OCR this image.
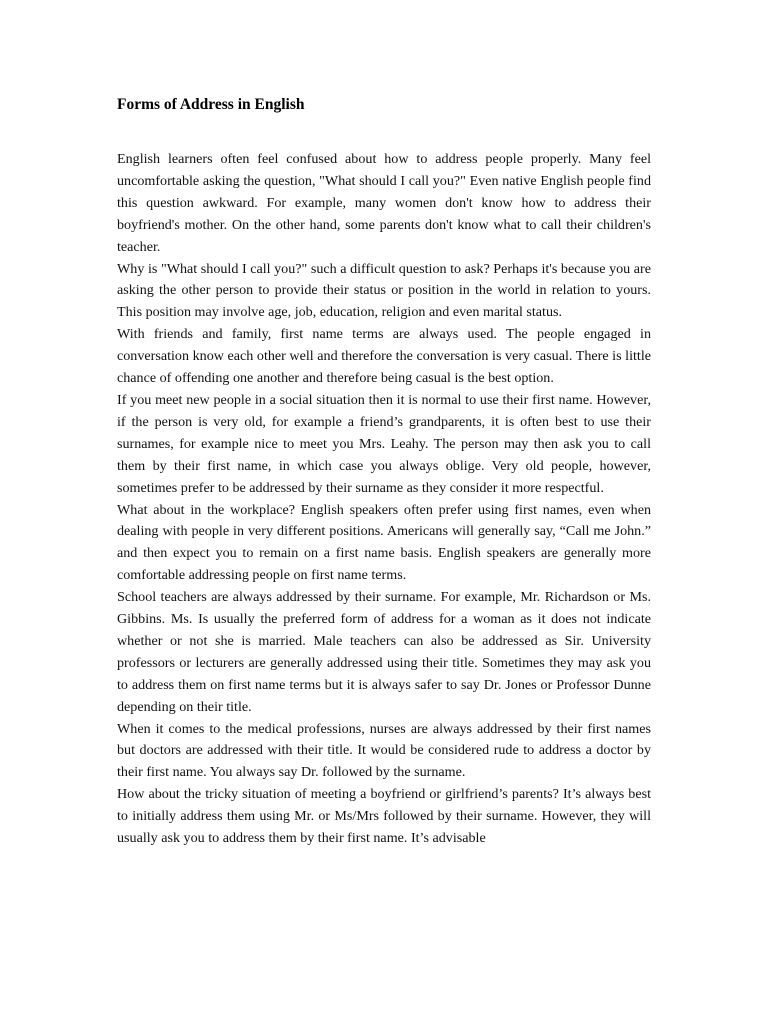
Forms of Address in English

English learners often feel confused about how to address people properly. Many feel uncomfortable asking the question, "What should I call you?" Even native English people find this question awkward. For example, many women don't know how to address their boyfriend's mother. On the other hand, some parents don't know what to call their children's teacher.

Why is "What should I call you?" such a difficult question to ask? Perhaps it's because you are asking the other person to provide their status or position in the world in relation to yours. This position may involve age, job, education, religion and even marital status.

With friends and family, first name terms are always used. The people engaged in conversation know each other well and therefore the conversation is very casual. There is little chance of offending one another and therefore being casual is the best option.

If you meet new people in a social situation then it is normal to use their first name. However, if the person is very old, for example a friend’s grandparents, it is often best to use their surnames, for example nice to meet you Mrs. Leahy. The person may then ask you to call them by their first name, in which case you always oblige. Very old people, however, sometimes prefer to be addressed by their surname as they consider it more respectful.

What about in the workplace? English speakers often prefer using first names, even when dealing with people in very different positions. Americans will generally say, “Call me John.” and then expect you to remain on a first name basis. English speakers are generally more comfortable addressing people on first name terms.

School teachers are always addressed by their surname. For example, Mr. Richardson or Ms. Gibbins. Ms. Is usually the preferred form of address for a woman as it does not indicate whether or not she is married. Male teachers can also be addressed as Sir. University professors or lecturers are generally addressed using their title. Sometimes they may ask you to address them on first name terms but it is always safer to say Dr. Jones or Professor Dunne depending on their title.

When it comes to the medical professions, nurses are always addressed by their first names but doctors are addressed with their title. It would be considered rude to address a doctor by their first name. You always say Dr. followed by the surname.

How about the tricky situation of meeting a boyfriend or girlfriend’s parents? It’s always best to initially address them using Mr. or Ms/Mrs followed by their surname. However, they will usually ask you to address them by their first name. It’s advisable
